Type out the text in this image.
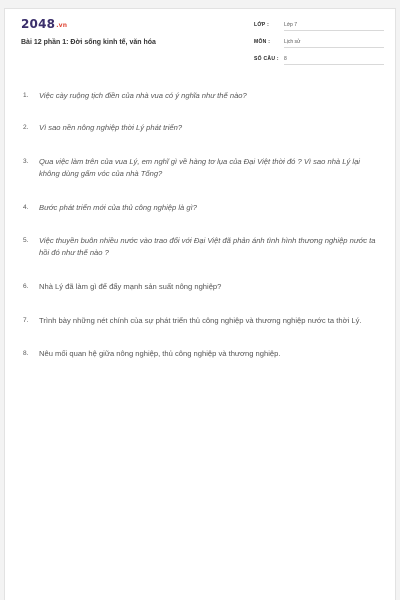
2048.vn
Bài 12 phần 1: Đời sống kinh tế, văn hóa
LỚP :	Lớp 7
MÔN :	Lịch sử
SỐ CÂU : 8
1. Việc cày ruộng tịch điền của nhà vua có ý nghĩa như thế nào?
2. Vì sao nền nông nghiệp thời Lý phát triển?
3. Qua việc làm trên của vua Lý, em nghĩ gì về hàng tơ lụa của Đại Việt thời đó ? Vì sao nhà Lý lại không dùng gấm vóc của nhà Tống?
4. Bước phát triển mới của thủ công nghiệp là gì?
5. Việc thuyền buôn nhiều nước vào trao đổi với Đại Việt đã phản ánh tình hình thương nghiệp nước ta hồi đó như thế nào ?
6. Nhà Lý đã làm gì để đẩy mạnh sản suất nông nghiệp?
7. Trình bày những nét chính của sự phát triển thủ công nghiệp và thương nghiệp nước ta thời Lý.
8. Nêu mối quan hệ giữa nông nghiệp, thủ công nghiệp và thương nghiệp.
